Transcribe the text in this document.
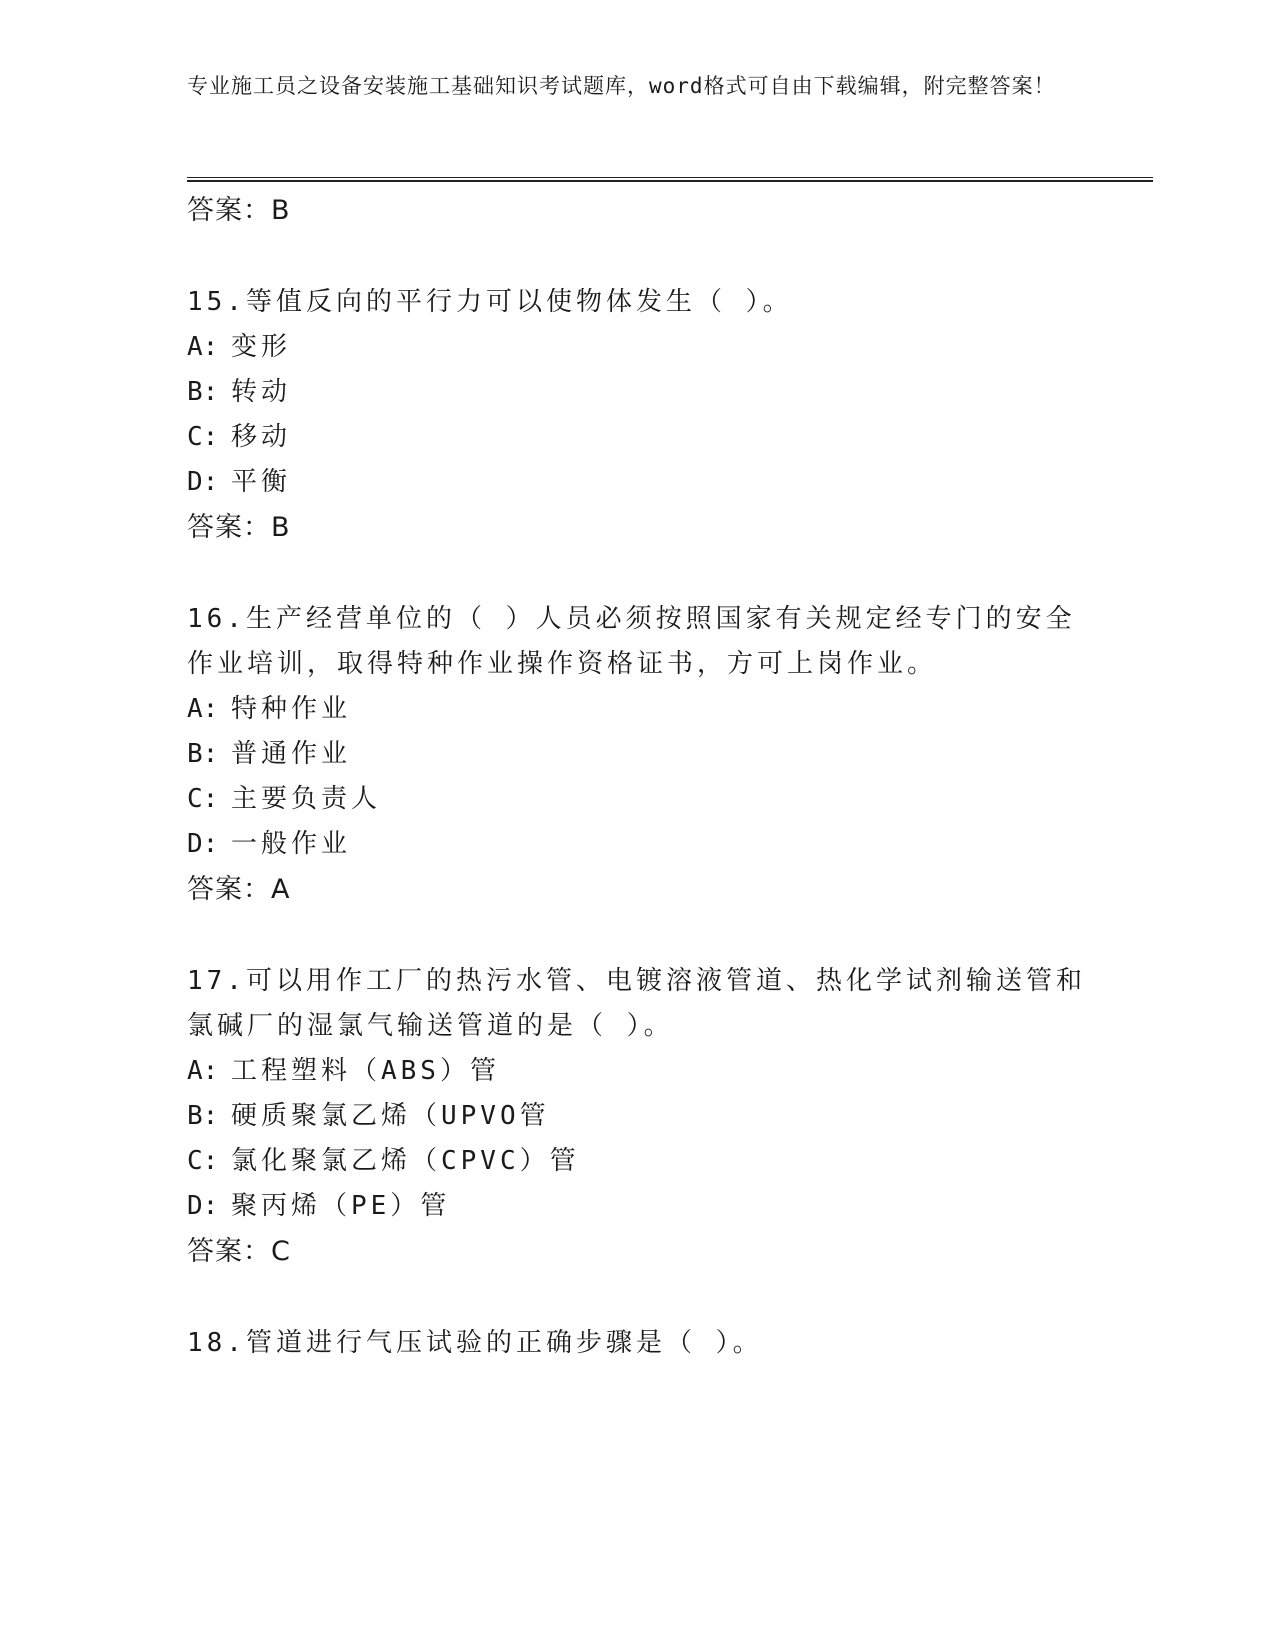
专业施工员之设备安装施工基础知识考试题库，word格式可自由下载编辑，附完整答案！
答案：B
15.等值反向的平行力可以使物体发生（ ）。
A: 变形
B: 转动
C: 移动
D: 平衡
答案：B
16.生产经营单位的（ ）人员必须按照国家有关规定经专门的安全作业培训，取得特种作业操作资格证书，方可上岗作业。
A: 特种作业
B: 普通作业
C: 主要负责人
D: 一般作业
答案：A
17.可以用作工厂的热污水管、电镀溶液管道、热化学试剂输送管和氯碱厂的湿氯气输送管道的是（ ）。
A: 工程塑料（ABS）管
B: 硬质聚氯乙烯（UPVO管
C: 氯化聚氯乙烯（CPVC）管
D: 聚丙烯（PE）管
答案：C
18.管道进行气压试验的正确步骤是（ ）。
